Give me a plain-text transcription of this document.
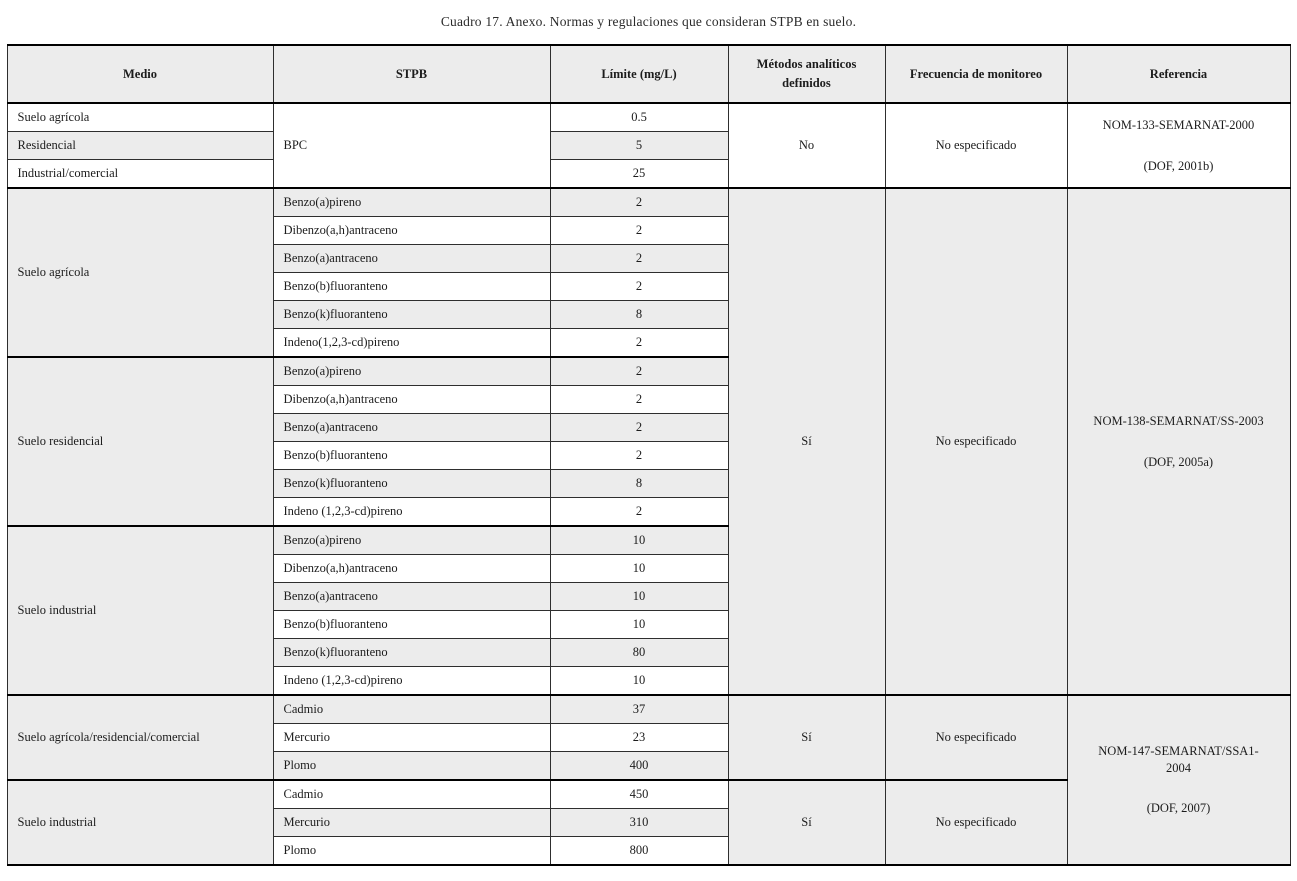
Cuadro 17. Anexo. Normas y regulaciones que consideran STPB en suelo.
Medio	STPB	Límite (mg/L)	Métodos analíticos definidos	Frecuencia de monitoreo	Referencia
Suelo agrícola	BPC	0.5	No	No especificado	NOM-133-SEMARNAT-2000
(DOF, 2001b)

Residencial		5			
Industrial/comercial		25			
Suelo agrícola	Benzo(a)pireno	2	Sí	No especificado	NOM-138-SEMARNAT/SS-2003
(DOF, 2005a)

	Dibenzo(a,h)antraceno	2			
	Benzo(a)antraceno	2			
	Benzo(b)fluoranteno	2			
	Benzo(k)fluoranteno	8			
	Indeno(1,2,3-cd)pireno	2			
Suelo residencial	Benzo(a)pireno	2			
	Dibenzo(a,h)antraceno	2			
	Benzo(a)antraceno	2			
	Benzo(b)fluoranteno	2			
	Benzo(k)fluoranteno	8			
	Indeno (1,2,3-cd)pireno	2			
Suelo industrial	Benzo(a)pireno	10			
	Dibenzo(a,h)antraceno	10			
	Benzo(a)antraceno	10			
	Benzo(b)fluoranteno	10			
	Benzo(k)fluoranteno	80			
	Indeno (1,2,3-cd)pireno	10			
Suelo agrícola/residencial/comercial	Cadmio	37	Sí	No especificado	NOM-147-SEMARNAT/SSA1-2004
(DOF, 2007)

	Mercurio	23			
	Plomo	400			
Suelo industrial	Cadmio	450	Sí	No especificado	
	Mercurio	310			
	Plomo	800			
